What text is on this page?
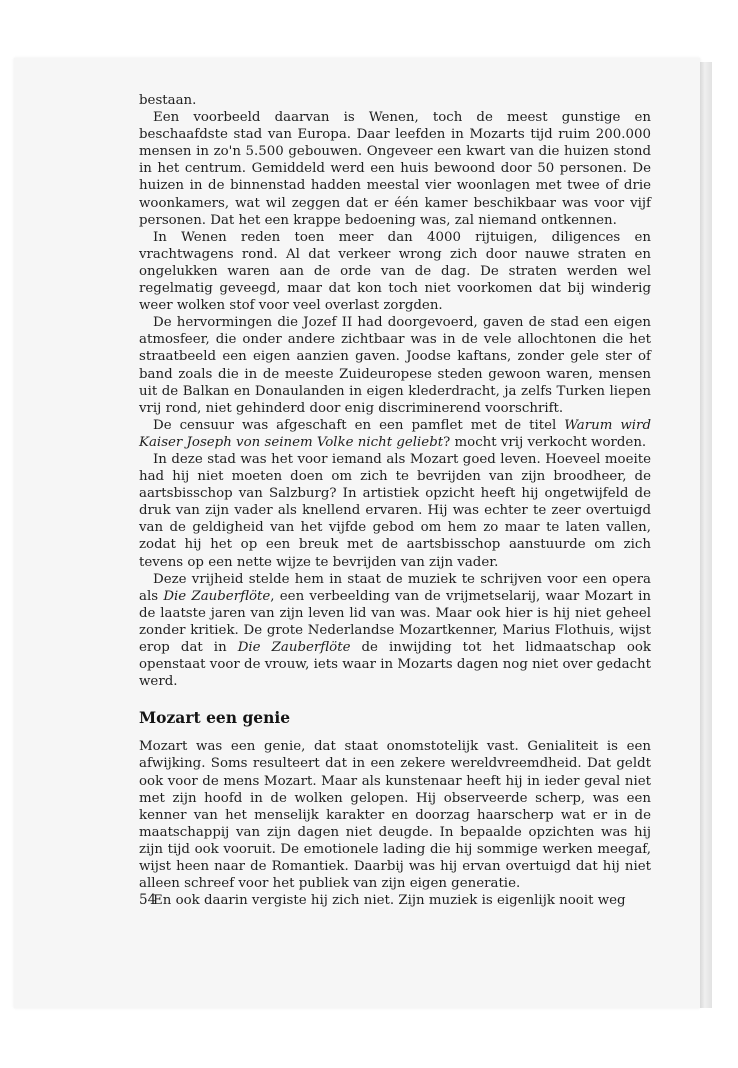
bestaan.

Een voorbeeld daarvan is Wenen, toch de meest gunstige en beschaafdste stad van Europa. Daar leefden in Mozarts tijd ruim 200.000 mensen in zo'n 5.500 gebouwen. Ongeveer een kwart van die huizen stond in het centrum. Gemiddeld werd een huis bewoond door 50 personen. De huizen in de binnenstad hadden meestal vier woonlagen met twee of drie woonkamers, wat wil zeggen dat er één kamer beschikbaar was voor vijf personen. Dat het een krappe bedoening was, zal niemand ontkennen.

In Wenen reden toen meer dan 4000 rijtuigen, diligences en vrachtwagens rond. Al dat verkeer wrong zich door nauwe straten en ongelukken waren aan de orde van de dag. De straten werden wel regelmatig geveegd, maar dat kon toch niet voorkomen dat bij winderig weer wolken stof voor veel overlast zorgden.

De hervormingen die Jozef II had doorgevoerd, gaven de stad een eigen atmosfeer, die onder andere zichtbaar was in de vele allochtonen die het straatbeeld een eigen aanzien gaven. Joodse kaftans, zonder gele ster of band zoals die in de meeste Zuideuropese steden gewoon waren, mensen uit de Balkan en Donaulanden in eigen klederdracht, ja zelfs Turken liepen vrij rond, niet gehinderd door enig discriminerend voorschrift.

De censuur was afgeschaft en een pamflet met de titel Warum wird Kaiser Joseph von seinem Volke nicht geliebt? mocht vrij verkocht worden.

In deze stad was het voor iemand als Mozart goed leven. Hoeveel moeite had hij niet moeten doen om zich te bevrijden van zijn broodheer, de aartsbisschop van Salzburg? In artistiek opzicht heeft hij ongetwijfeld de druk van zijn vader als knellend ervaren. Hij was echter te zeer overtuigd van de geldigheid van het vijfde gebod om hem zo maar te laten vallen, zodat hij het op een breuk met de aartsbisschop aanstuurde om zich tevens op een nette wijze te bevrijden van zijn vader.

Deze vrijheid stelde hem in staat de muziek te schrijven voor een opera als Die Zauberflöte, een verbeelding van de vrijmetselarij, waar Mozart in de laatste jaren van zijn leven lid van was. Maar ook hier is hij niet geheel zonder kritiek. De grote Nederlandse Mozartkenner, Marius Flothuis, wijst erop dat in Die Zauberflöte de inwijding tot het lidmaatschap ook openstaat voor de vrouw, iets waar in Mozarts dagen nog niet over gedacht werd.

Mozart een genie

Mozart was een genie, dat staat onomstotelijk vast. Genialiteit is een afwijking. Soms resulteert dat in een zekere wereldvreemdheid. Dat geldt ook voor de mens Mozart. Maar als kunstenaar heeft hij in ieder geval niet met zijn hoofd in de wolken gelopen. Hij observeerde scherp, was een kenner van het menselijk karakter en doorzag haarscherp wat er in de maatschappij van zijn dagen niet deugde. In bepaalde opzichten was hij zijn tijd ook vooruit. De emotionele lading die hij sommige werken meegaf, wijst heen naar de Romantiek. Daarbij was hij ervan overtuigd dat hij niet alleen schreef voor het publiek van zijn eigen generatie.

En ook daarin vergiste hij zich niet. Zijn muziek is eigenlijk nooit weg

54
